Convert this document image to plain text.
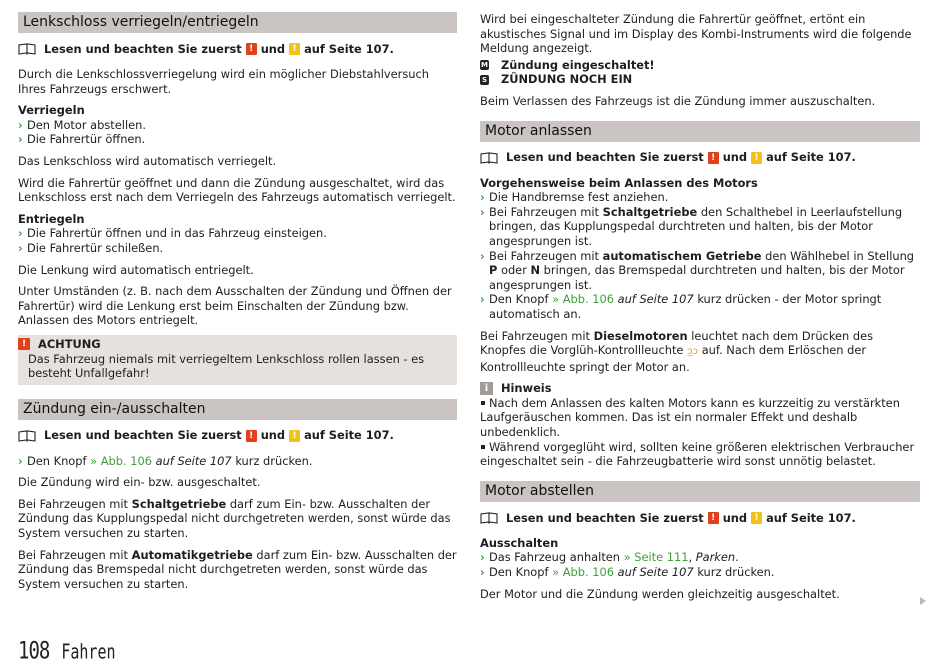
Lenkschloss verriegeln/entriegeln
Lesen und beachten Sie zuerst ! und ! auf Seite 107.

Durch die Lenkschlossverriegelung wird ein möglicher Diebstahlversuch Ihres Fahrzeugs erschwert.

Verriegeln
› Den Motor abstellen.
› Die Fahrertür öffnen.

Das Lenkschloss wird automatisch verriegelt.

Wird die Fahrertür geöffnet und dann die Zündung ausgeschaltet, wird das Lenkschloss erst nach dem Verriegeln des Fahrzeugs automatisch verriegelt.

Entriegeln
› Die Fahrertür öffnen und in das Fahrzeug einsteigen.
› Die Fahrertür schileßen.

Die Lenkung wird automatisch entriegelt.

Unter Umständen (z. B. nach dem Ausschalten der Zündung und Öffnen der Fahrertür) wird die Lenkung erst beim Einschalten der Zündung bzw. Anlassen des Motors entriegelt.

!	ACHTUNG
Das Fahrzeug niemals mit verriegeltem Lenkschloss rollen lassen - es besteht Unfallgefahr!
Zündung ein-/ausschalten
Lesen und beachten Sie zuerst ! und ! auf Seite 107.
› Den Knopf » Abb. 106 auf Seite 107 kurz drücken.

Die Zündung wird ein- bzw. ausgeschaltet.

Bei Fahrzeugen mit Schaltgetriebe darf zum Ein- bzw. Ausschalten der Zündung das Kupplungspedal nicht durchgetreten werden, sonst würde das System versuchen zu starten.

Bei Fahrzeugen mit Automatikgetriebe darf zum Ein- bzw. Ausschalten der Zündung das Bremspedal nicht durchgetreten werden, sonst würde das System versuchen zu starten.

Wird bei eingeschalteter Zündung die Fahrertür geöffnet, ertönt ein akustisches Signal und im Display des Kombi-Instruments wird die folgende Meldung angezeigt.

M Zündung eingeschaltet!
S ZÜNDUNG NOCH EIN

Beim Verlassen des Fahrzeugs ist die Zündung immer auszuschalten.

Motor anlassen
Lesen und beachten Sie zuerst ! und ! auf Seite 107.
Vorgehensweise beim Anlassen des Motors
› Die Handbremse fest anziehen.
› Bei Fahrzeugen mit Schaltgetriebe den Schalthebel in Leerlaufstellung bringen, das Kupplungspedal durchtreten und halten, bis der Motor angesprungen ist.
› Bei Fahrzeugen mit automatischem Getriebe den Wählhebel in Stellung P oder N bringen, das Bremspedal durchtreten und halten, bis der Motor angesprungen ist.
› Den Knopf » Abb. 106 auf Seite 107 kurz drücken - der Motor springt automatisch an.

Bei Fahrzeugen mit Dieselmotoren leuchtet nach dem Drücken des Knopfes die Vorglüh-Kontrollleuchte ↄ̲ↄ auf. Nach dem Erlöschen der Kontrollleuchte springt der Motor an.

i	Hinweis
Nach dem Anlassen des kalten Motors kann es kurzzeitig zu verstärkten Laufgeräuschen kommen. Das ist ein normaler Effekt und deshalb unbedenklich.
Während vorgeglüht wird, sollten keine größeren elektrischen Verbraucher eingeschaltet sein - die Fahrzeugbatterie wird sonst unnötig belastet.
Motor abstellen
Lesen und beachten Sie zuerst ! und ! auf Seite 107.
Ausschalten
› Das Fahrzeug anhalten » Seite 111, Parken.
› Den Knopf » Abb. 106 auf Seite 107 kurz drücken.

Der Motor und die Zündung werden gleichzeitig ausgeschaltet.

108 Fahren
